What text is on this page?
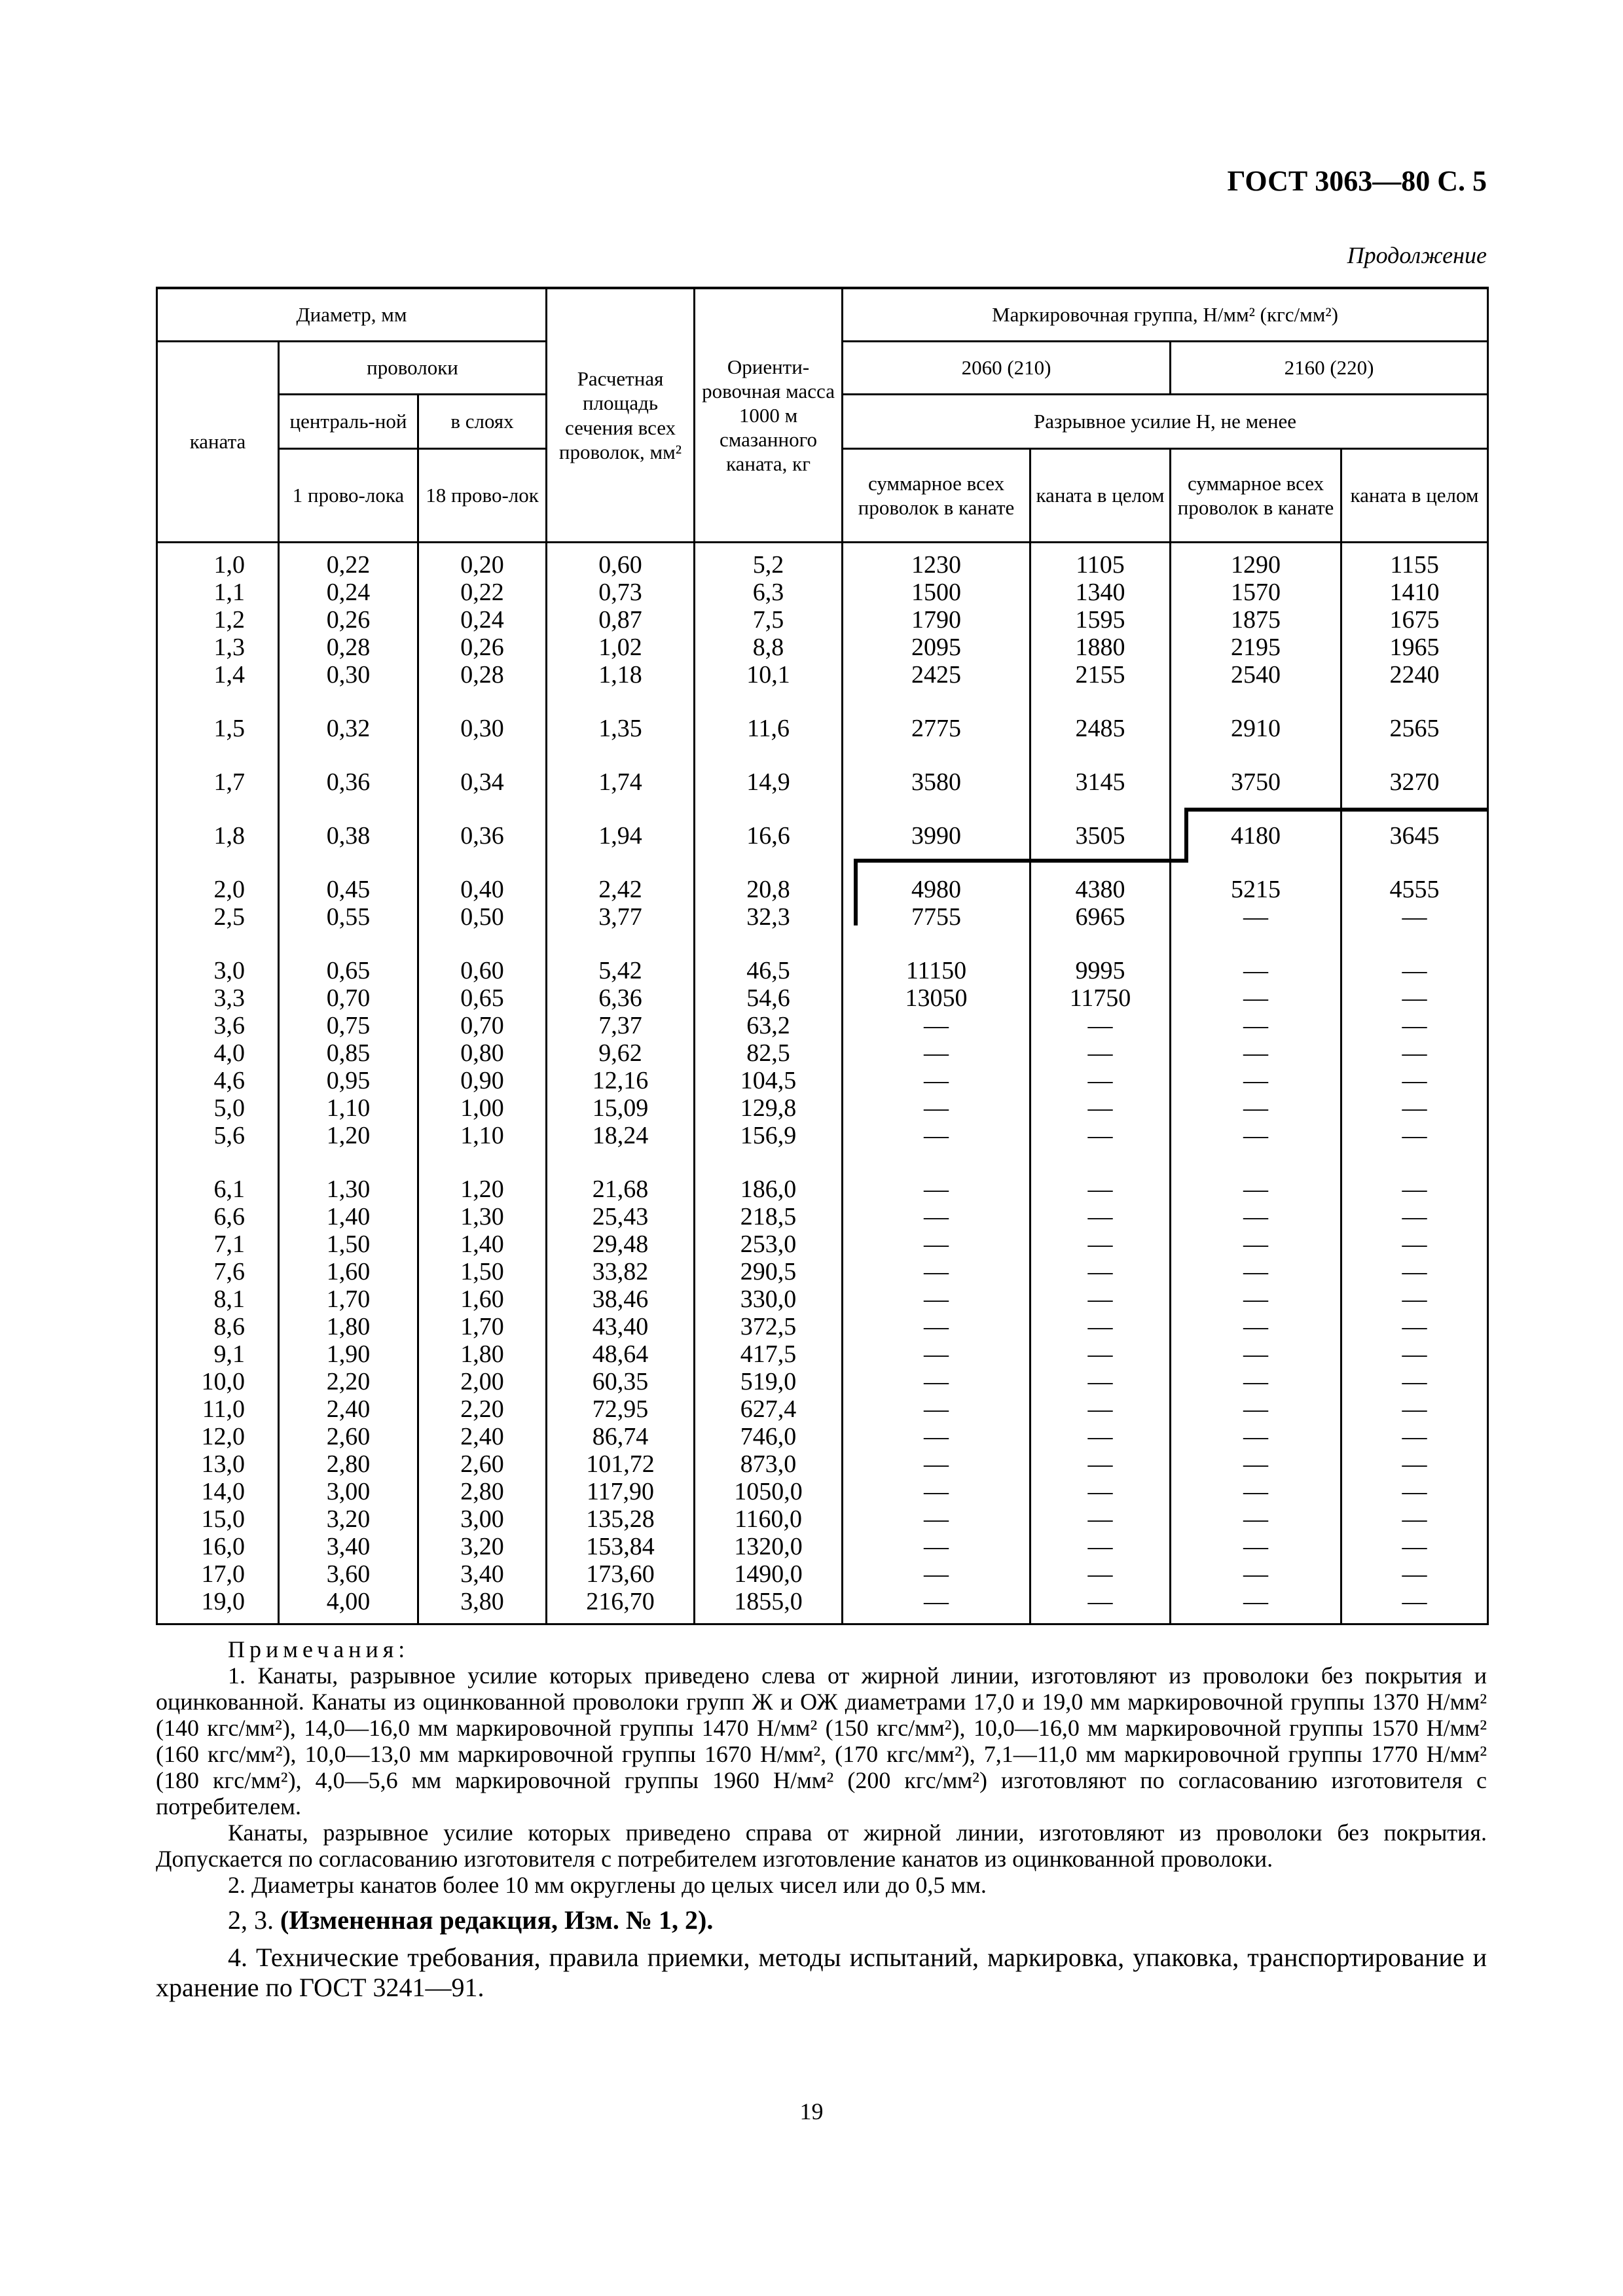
ГОСТ 3063—80 С. 5
Продолжение
Диаметр, мм			Расчетная площадь сечения всех проволок, мм²	Ориенти-ровочная масса 1000 м смазанного каната, кг	Маркировочная группа, Н/мм² (кгс/мм²)			
каната	проволоки				2060 (210)		2160 (220)	
	централь-ной	в слоях			Разрывное усилие Н, не менее			
	1 прово-лока	18 прово-лок			суммарное всех проволок в канате	каната в целом	суммарное всех проволок в канате	каната в целом
1,0	0,22	0,20	0,60	5,2	1230	1105	1290	1155
1,1	0,24	0,22	0,73	6,3	1500	1340	1570	1410
1,2	0,26	0,24	0,87	7,5	1790	1595	1875	1675
1,3	0,28	0,26	1,02	8,8	2095	1880	2195	1965
1,4	0,30	0,28	1,18	10,1	2425	2155	2540	2240
1,5	0,32	0,30	1,35	11,6	2775	2485	2910	2565
1,7	0,36	0,34	1,74	14,9	3580	3145	3750	3270
1,8	0,38	0,36	1,94	16,6	3990	3505	4180	3645
2,0	0,45	0,40	2,42	20,8	4980	4380	5215	4555
2,5	0,55	0,50	3,77	32,3	7755	6965	—	—
3,0	0,65	0,60	5,42	46,5	11150	9995	—	—
3,3	0,70	0,65	6,36	54,6	13050	11750	—	—
3,6	0,75	0,70	7,37	63,2	—	—	—	—
4,0	0,85	0,80	9,62	82,5	—	—	—	—
4,6	0,95	0,90	12,16	104,5	—	—	—	—
5,0	1,10	1,00	15,09	129,8	—	—	—	—
5,6	1,20	1,10	18,24	156,9	—	—	—	—
6,1	1,30	1,20	21,68	186,0	—	—	—	—
6,6	1,40	1,30	25,43	218,5	—	—	—	—
7,1	1,50	1,40	29,48	253,0	—	—	—	—
7,6	1,60	1,50	33,82	290,5	—	—	—	—
8,1	1,70	1,60	38,46	330,0	—	—	—	—
8,6	1,80	1,70	43,40	372,5	—	—	—	—
9,1	1,90	1,80	48,64	417,5	—	—	—	—
10,0	2,20	2,00	60,35	519,0	—	—	—	—
11,0	2,40	2,20	72,95	627,4	—	—	—	—
12,0	2,60	2,40	86,74	746,0	—	—	—	—
13,0	2,80	2,60	101,72	873,0	—	—	—	—
14,0	3,00	2,80	117,90	1050,0	—	—	—	—
15,0	3,20	3,00	135,28	1160,0	—	—	—	—
16,0	3,40	3,20	153,84	1320,0	—	—	—	—
17,0	3,60	3,40	173,60	1490,0	—	—	—	—
19,0	4,00	3,80	216,70	1855,0	—	—	—	—
Примечания:

1. Канаты, разрывное усилие которых приведено слева от жирной линии, изготовляют из проволоки без покрытия и оцинкованной. Канаты из оцинкованной проволоки групп Ж и ОЖ диаметрами 17,0 и 19,0 мм маркировочной группы 1370 Н/мм² (140 кгс/мм²), 14,0—16,0 мм маркировочной группы 1470 Н/мм² (150 кгс/мм²), 10,0—16,0 мм маркировочной группы 1570 Н/мм² (160 кгс/мм²), 10,0—13,0 мм маркировочной группы 1670 Н/мм², (170 кгс/мм²), 7,1—11,0 мм маркировочной группы 1770 Н/мм² (180 кгс/мм²), 4,0—5,6 мм маркировочной группы 1960 Н/мм² (200 кгс/мм²) изготовляют по согласованию изготовителя с потребителем.

Канаты, разрывное усилие которых приведено справа от жирной линии, изготовляют из проволоки без покрытия. Допускается по согласованию изготовителя с потребителем изготовление канатов из оцинкованной проволоки.

2. Диаметры канатов более 10 мм округлены до целых чисел или до 0,5 мм.

2, 3. (Измененная редакция, Изм. № 1, 2).

4. Технические требования, правила приемки, методы испытаний, маркировка, упаковка, транспортирование и хранение по ГОСТ 3241—91.

19
